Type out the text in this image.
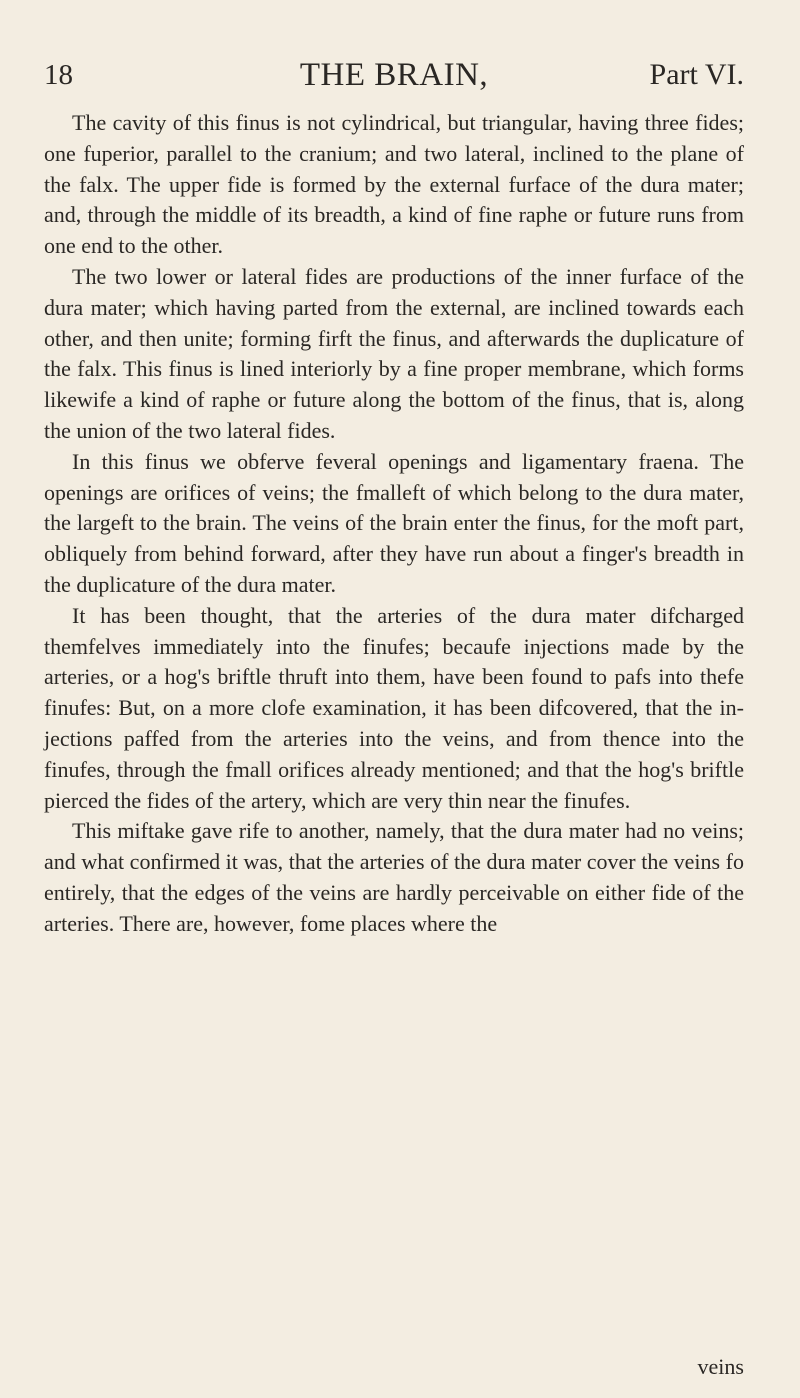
18	THE BRAIN,	Part VI.

The cavity of this finus is not cylindrical, but triangular, having three fides; one fuperior, parallel to the cranium; and two lateral, inclined to the plane of the falx. The upper fide is formed by the external furface of the dura mater; and, through the middle of its breadth, a kind of fine raphe or future runs from one end to the other.

The two lower or lateral fides are productions of the inner furface of the dura mater; which having parted from the external, are inclined towards each other, and then unite; forming firft the finus, and afterwards the duplicature of the falx. This finus is lined interiorly by a fine proper membrane, which forms likewife a kind of raphe or future along the bottom of the finus, that is, along the union of the two lateral fides.

In this finus we obferve feveral openings and ligamentary fraena. The openings are orifices of veins; the fmalleft of which belong to the dura mater, the largeft to the brain. The veins of the brain enter the finus, for the moft part, obliquely from behind forward, after they have run about a finger's breadth in the duplicature of the dura mater.

It has been thought, that the arteries of the dura mater difcharged themfelves immediately into the finufes; becaufe injections made by the arteries, or a hog's briftle thruft into them, have been found to pafs into thefe finufes: But, on a more clofe examination, it has been difcovered, that the injections paffed from the arteries into the veins, and from thence into the finufes, through the fmall orifices already mentioned; and that the hog's briftle pierced the fides of the artery, which are very thin near the finufes.

This miftake gave rife to another, namely, that the dura mater had no veins; and what confirmed it was, that the arteries of the dura mater cover the veins fo entirely, that the edges of the veins are hardly perceivable on either fide of the arteries. There are, however, fome places where the

veins
